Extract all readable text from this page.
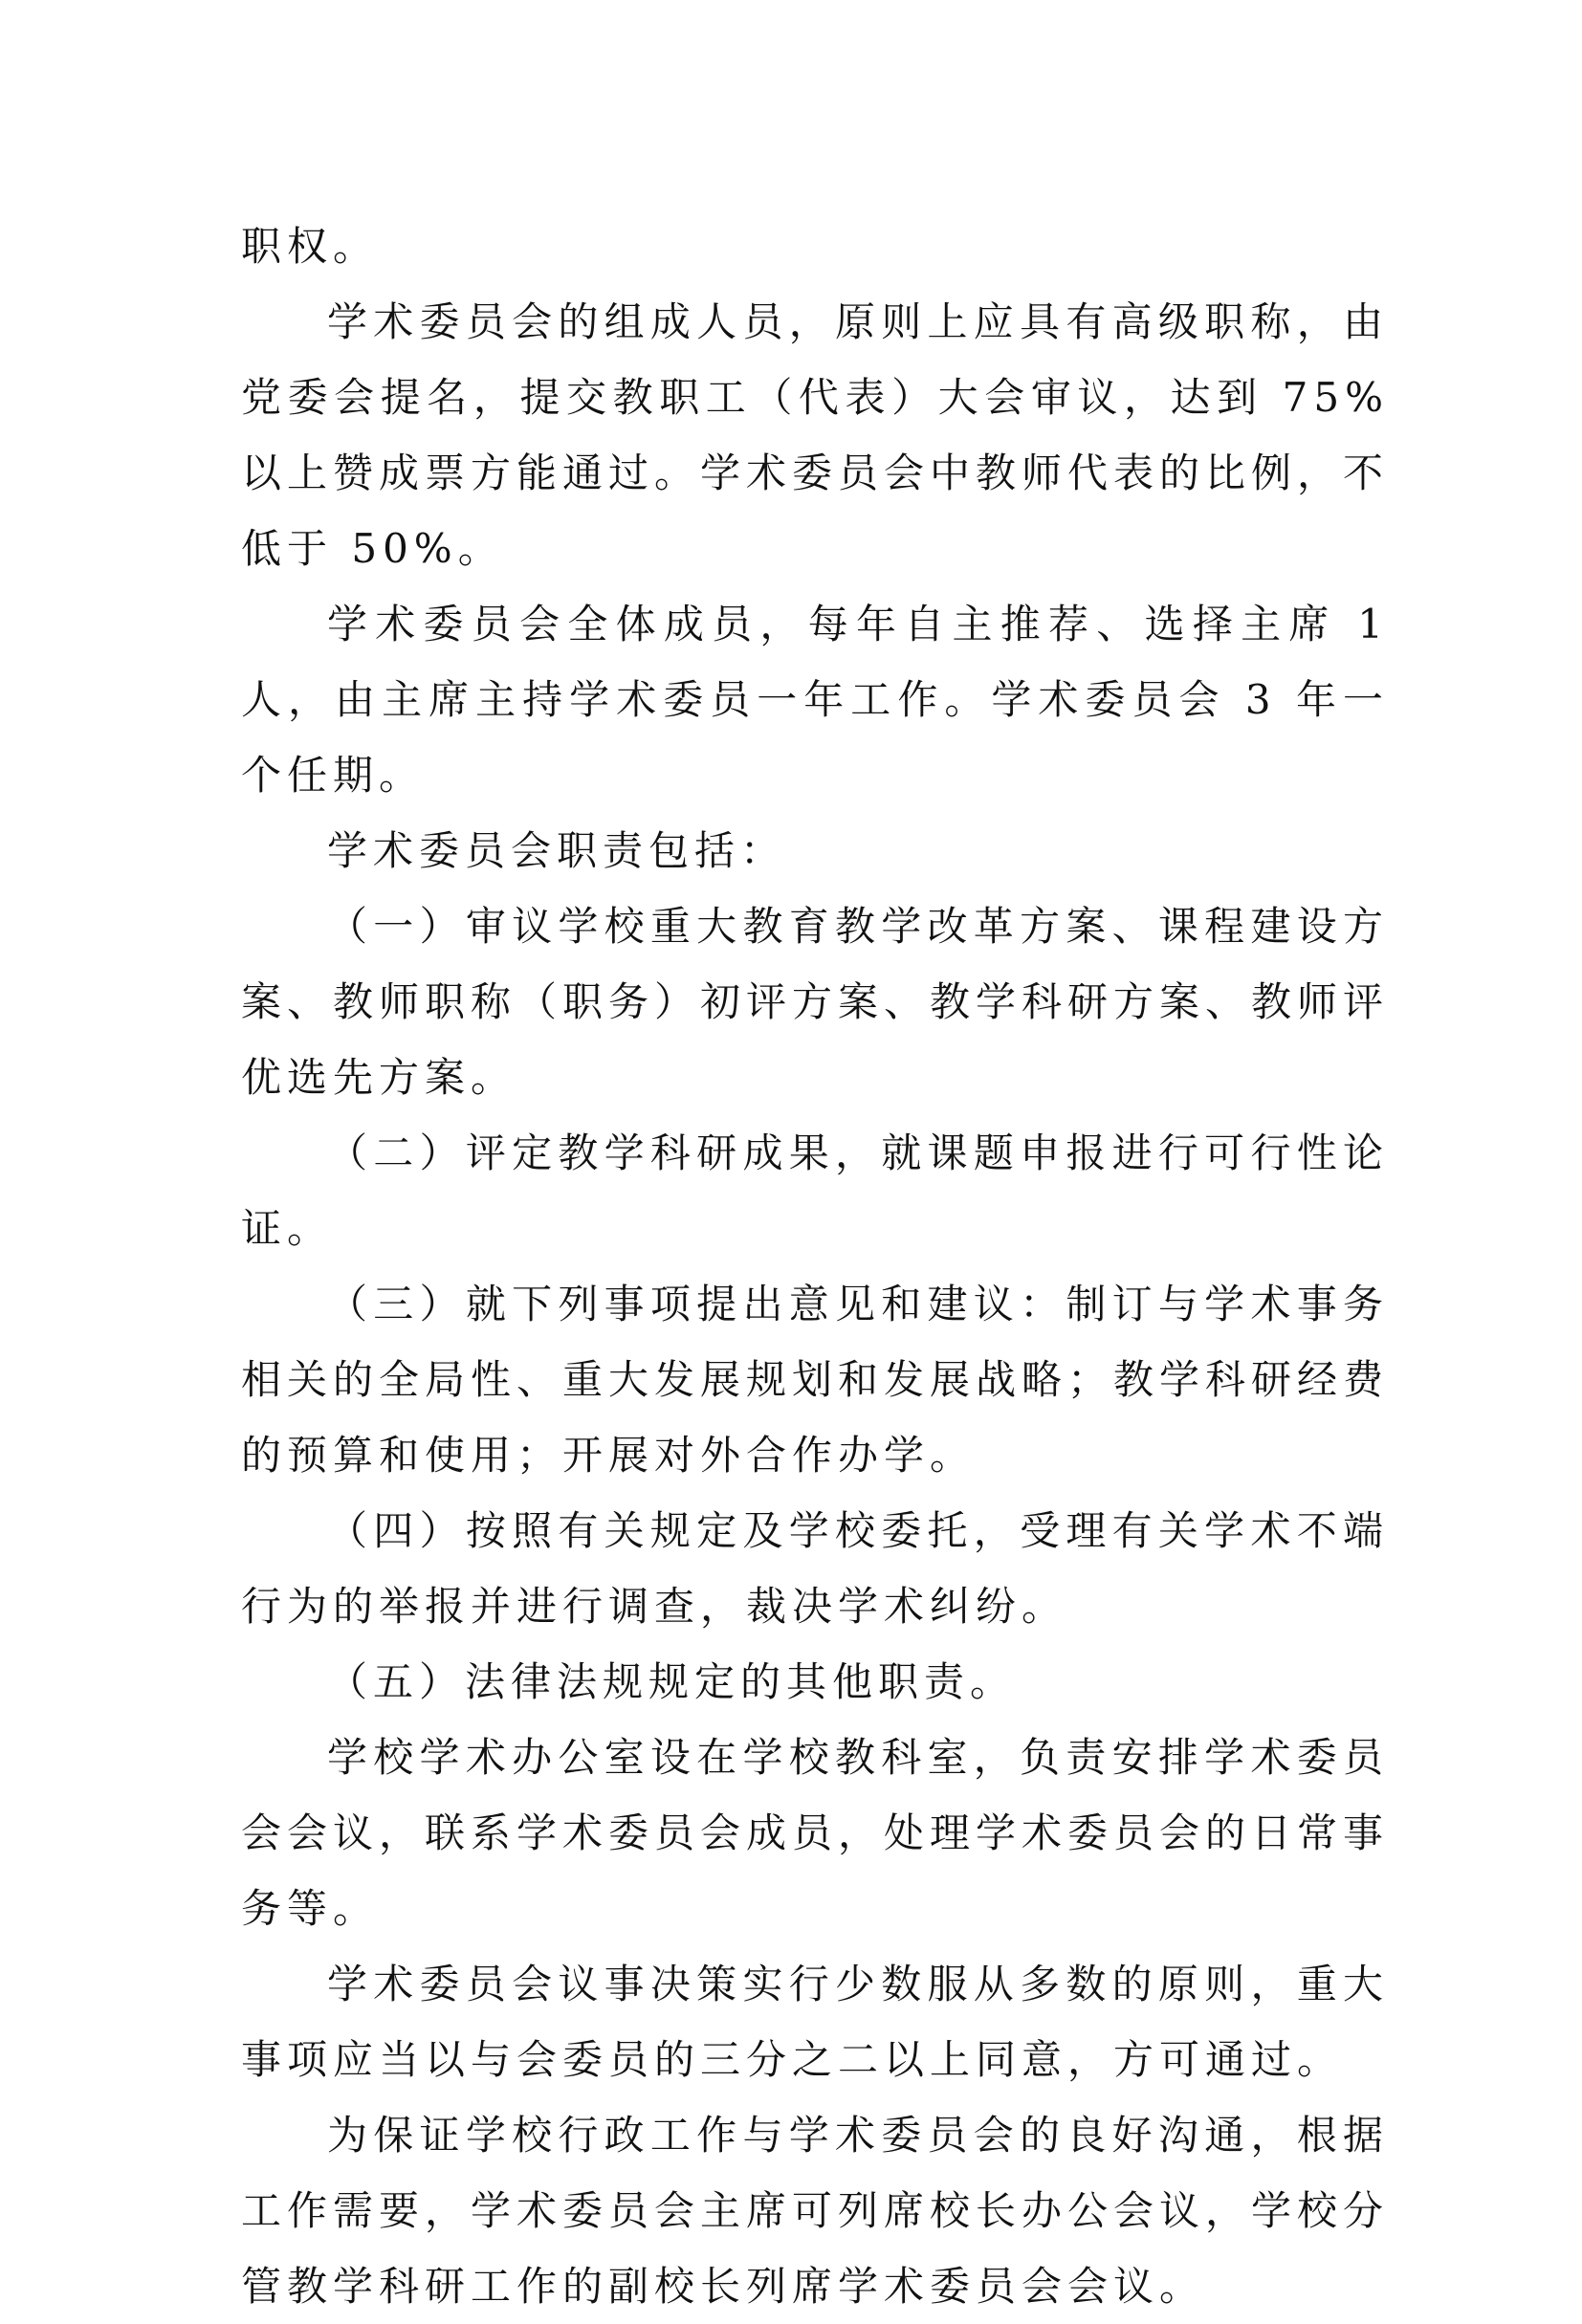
职权。

学术委员会的组成人员，原则上应具有高级职称，由党委会提名，提交教职工（代表）大会审议，达到 75%以上赞成票方能通过。学术委员会中教师代表的比例，不低于 50%。

学术委员会全体成员，每年自主推荐、选择主席 1 人，由主席主持学术委员一年工作。学术委员会 3 年一个任期。

学术委员会职责包括：

（一）审议学校重大教育教学改革方案、课程建设方案、教师职称（职务）初评方案、教学科研方案、教师评优选先方案。

（二）评定教学科研成果，就课题申报进行可行性论证。

（三）就下列事项提出意见和建议：制订与学术事务相关的全局性、重大发展规划和发展战略；教学科研经费的预算和使用；开展对外合作办学。

（四）按照有关规定及学校委托，受理有关学术不端行为的举报并进行调查，裁决学术纠纷。

（五）法律法规规定的其他职责。

学校学术办公室设在学校教科室，负责安排学术委员会会议，联系学术委员会成员，处理学术委员会的日常事务等。

学术委员会议事决策实行少数服从多数的原则，重大事项应当以与会委员的三分之二以上同意，方可通过。

为保证学校行政工作与学术委员会的良好沟通，根据工作需要，学术委员会主席可列席校长办公会议，学校分管教学科研工作的副校长列席学术委员会会议。
